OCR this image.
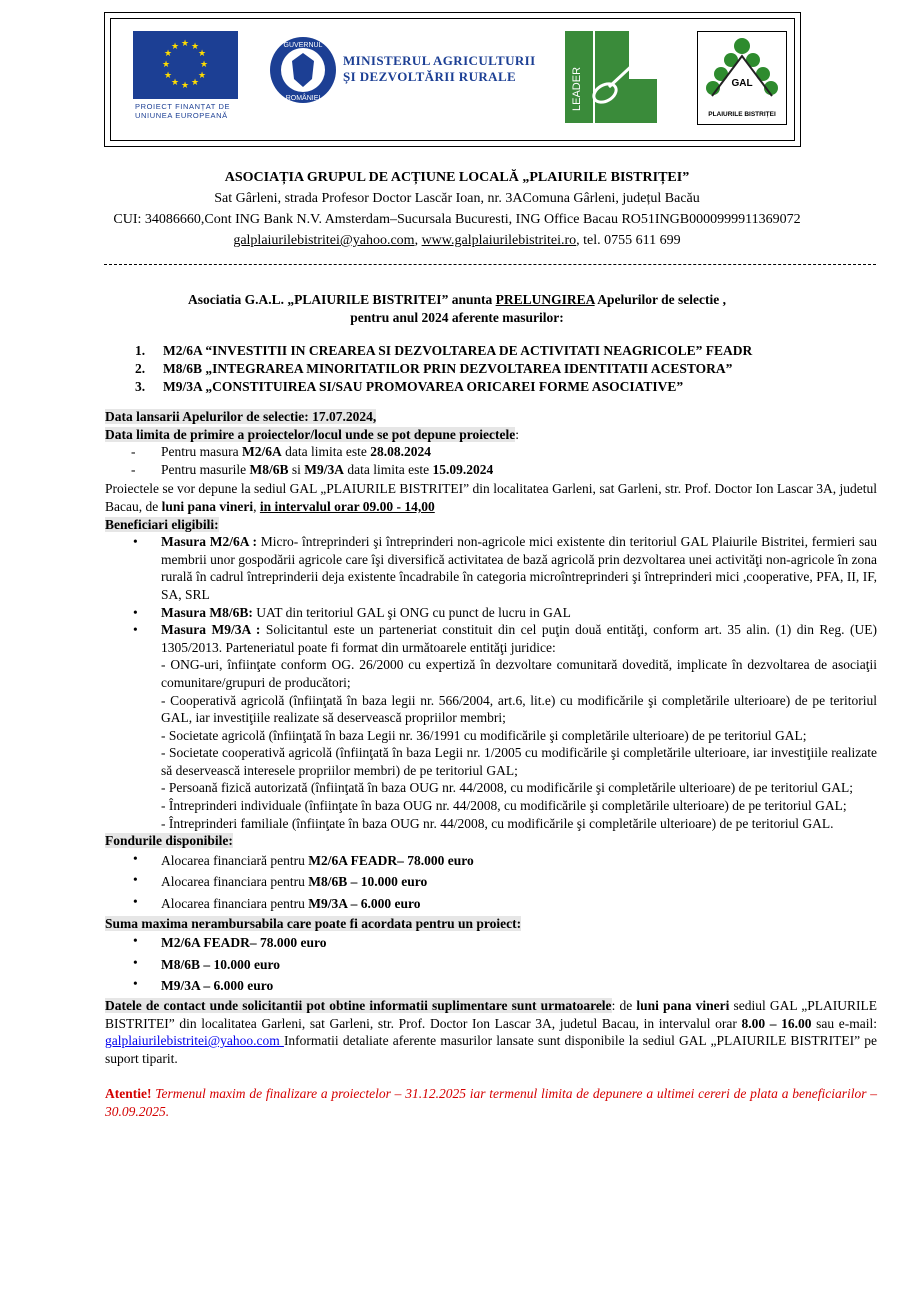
★ ★
★
★
★
★
★
★
★
★
★
★
PROIECT FINANȚAT DE UNIUNEA EUROPEANĂ
GUVERNUL
ROMÂNIEI
MINISTERUL AGRICULTURII
ȘI DEZVOLTĂRII RURALE	LEADER	GAL
PLAIURILE BISTRIȚEI
ASOCIAȚIA GRUPUL DE ACȚIUNE LOCALĂ „PLAIURILE BISTRIȚEI”
Sat Gârleni, strada Profesor Doctor Lascăr Ioan, nr. 3AComuna Gârleni, județul Bacău
CUI: 34086660,Cont ING Bank N.V. Amsterdam–Sucursala Bucuresti, ING Office Bacau RO51INGB0000999911369072
galplaiurilebistritei@yahoo.com, www.galplaiurilebistritei.ro, tel. 0755 611 699
Asociatia G.A.L. „PLAIURILE BISTRITEI” anunta PRELUNGIREA Apelurilor de selectie ,
pentru anul 2024 aferente masurilor:
1.	M2/6A “INVESTITII IN CREAREA SI DEZVOLTAREA DE ACTIVITATI NEAGRICOLE” FEADR
2.	M8/6B „INTEGRAREA MINORITATILOR PRIN DEZVOLTAREA IDENTITATII ACESTORA”
3.	M9/3A „CONSTITUIREA SI/SAU PROMOVAREA ORICAREI FORME ASOCIATIVE”
Data lansarii Apelurilor de selectie: 17.07.2024,
Data limita de primire a proiectelor/locul unde se pot depune proiectele:
- Pentru masura M2/6A data limita este 28.08.2024
- Pentru masurile M8/6B si M9/3A data limita este 15.09.2024
Proiectele se vor depune la sediul GAL „PLAIURILE BISTRITEI” din localitatea Garleni, sat Garleni, str. Prof. Doctor Ion Lascar 3A, judetul Bacau, de luni pana vineri, in intervalul orar 09.00 - 14,00
Beneficiari eligibili:
• Masura M2/6A : Micro- întreprinderi şi întreprinderi non-agricole mici existente din teritoriul GAL Plaiurile Bistritei, fermieri sau membrii unor gospodării agricole care îşi diversifică activitatea de bază agricolă prin dezvoltarea unei activităţi non-agricole în zona rurală în cadrul întreprinderii deja existente încadrabile în categoria microîntreprinderi şi întreprinderi mici ,cooperative, PFA, II, IF, SA, SRL
• Masura M8/6B: UAT din teritoriul GAL şi ONG cu punct de lucru in GAL
• Masura M9/3A : Solicitantul este un parteneriat constituit din cel puţin două entităţi, conform art. 35 alin. (1) din Reg. (UE) 1305/2013. Parteneriatul poate fi format din următoarele entităţi juridice:
- ONG-uri, înfiinţate conform OG. 26/2000 cu expertiză în dezvoltare comunitară dovedită, implicate în dezvoltarea de asociaţii comunitare/grupuri de producători;
- Cooperativă agricolă (înfiinţată în baza legii nr. 566/2004, art.6, lit.e) cu modificările şi completările ulterioare) de pe teritoriul GAL, iar investiţiile realizate să deservească propriilor membri;
- Societate agricolă (înfiinţată în baza Legii nr. 36/1991 cu modificările şi completările ulterioare) de pe teritoriul GAL;
- Societate cooperativă agricolă (înfiinţată în baza Legii nr. 1/2005 cu modificările şi completările ulterioare, iar investiţiile realizate să deservească interesele propriilor membri) de pe teritoriul GAL;
- Persoană fizică autorizată (înfiinţată în baza OUG nr. 44/2008, cu modificările şi completările ulterioare) de pe teritoriul GAL;
- Întreprinderi individuale (înfiinţate în baza OUG nr. 44/2008, cu modificările şi completările ulterioare) de pe teritoriul GAL;
- Întreprinderi familiale (înfiinţate în baza OUG nr. 44/2008, cu modificările şi completările ulterioare) de pe teritoriul GAL.
Fondurile disponibile:
• Alocarea financiară pentru M2/6A FEADR– 78.000 euro
• Alocarea financiara pentru M8/6B – 10.000 euro
• Alocarea financiara pentru M9/3A – 6.000 euro
Suma maxima nerambursabila care poate fi acordata pentru un proiect:
• M2/6A FEADR– 78.000 euro
• M8/6B – 10.000 euro
• M9/3A – 6.000 euro
Datele de contact unde solicitantii pot obtine informatii suplimentare sunt urmatoarele: de luni pana vineri sediul GAL „PLAIURILE BISTRITEI” din localitatea Garleni, sat Garleni, str. Prof. Doctor Ion Lascar 3A, judetul Bacau, in intervalul orar 8.00 – 16.00 sau e-mail: galplaiurilebistritei@yahoo.com Informatii detaliate aferente masurilor lansate sunt disponibile la sediul GAL „PLAIURILE BISTRITEI” pe suport tiparit.
Atentie! Termenul maxim de finalizare a proiectelor – 31.12.2025 iar termenul limita de depunere a ultimei cereri de plata a beneficiarilor – 30.09.2025.
